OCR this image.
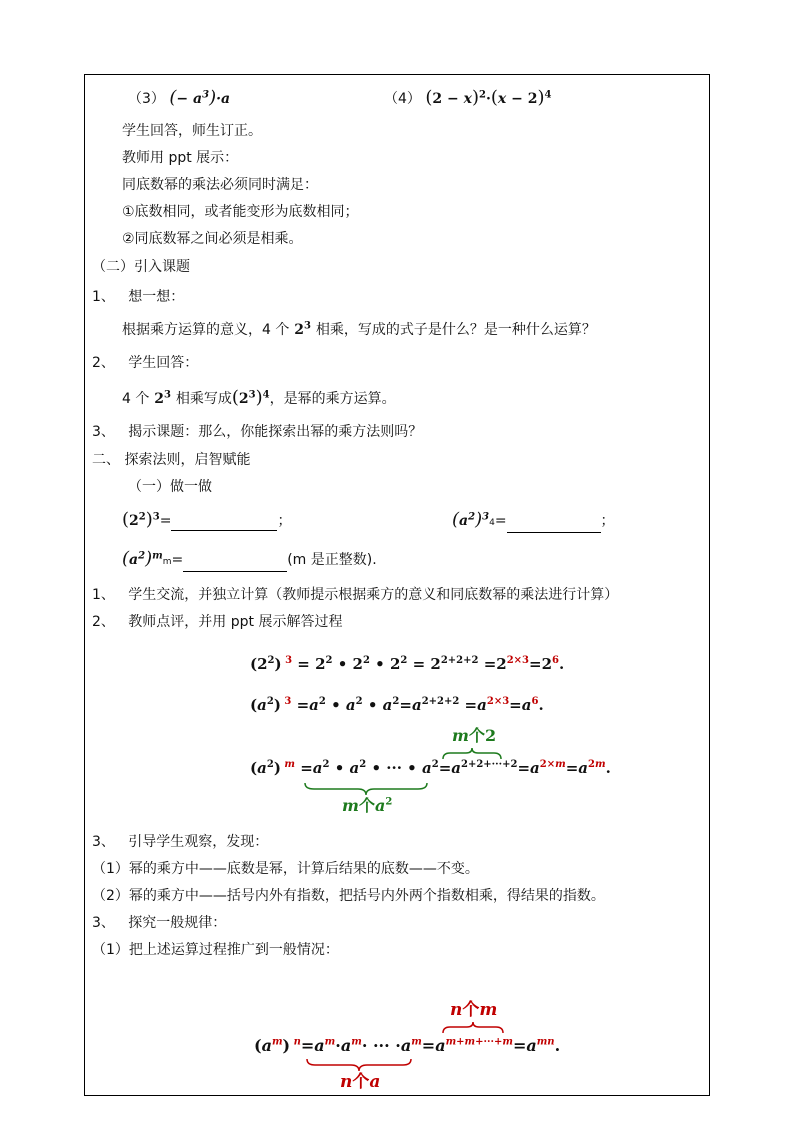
（3） (− $a^3)\cdot a$	（4） $(2 - x)^2\cdot(x - 2)^4$
学生回答，师生订正。
教师用 ppt 展示：
同底数幂的乘法必须同时满足：
①底数相同，或者能变形为底数相同；
②同底数幂之间必须是相乘。
（二）引入课题
1、 想一想：
根据乘方运算的意义，4 个 $2^3$ 相乘，写成的式子是什么？是一种什么运算？
2、 学生回答：
4 个 $2^3$ 相乘写成$(2^3)^4$，是幂的乘方运算。
3、 揭示课题：那么，你能探索出幂的乘方法则吗？
二、 探索法则，启智赋能
（一）做一做
$(2^2)^3=$	；	$(a^2)^34=$	；
$(a^2)^mm=$	(m 是正整数).
1、 学生交流，并独立计算（教师提示根据乘方的意义和同底数幂的乘法进行计算）
2、 教师点评，并用 ppt 展示解答过程
$(2^2) ^3 = 2^2$ • $2^2$ • $2^2 = 2^{2+2+2} =2^{2\times 3}=2^6$.
$(a^2)$ $^3 =a^2$ • $a^2$ • $a^2=a^{2+2+2} =a^{2\times 3}=a^6$.
m个2
$(a^2)$ $^m =a^2$ • $a^2$ • ··· • $a^2=a^{2+2+\cdot\cdot\cdot+2}=a^{2\times m}=a^{2m}$.
m个$a^2$
3、 引导学生观察，发现：
（1）幂的乘方中——底数是幂，计算后结果的底数——不变。
（2）幂的乘方中——括号内外有指数，把括号内外两个指数相乘，得结果的指数。
3、 探究一般规律：
（1）把上述运算过程推广到一般情况：
n个m
$(a^m)$ $^n=a^m\cdot a^m\cdot$ ··· $\cdot a^m=a^{m+m+\cdot\cdot\cdot+m}=a^{mn}$.
n个a
